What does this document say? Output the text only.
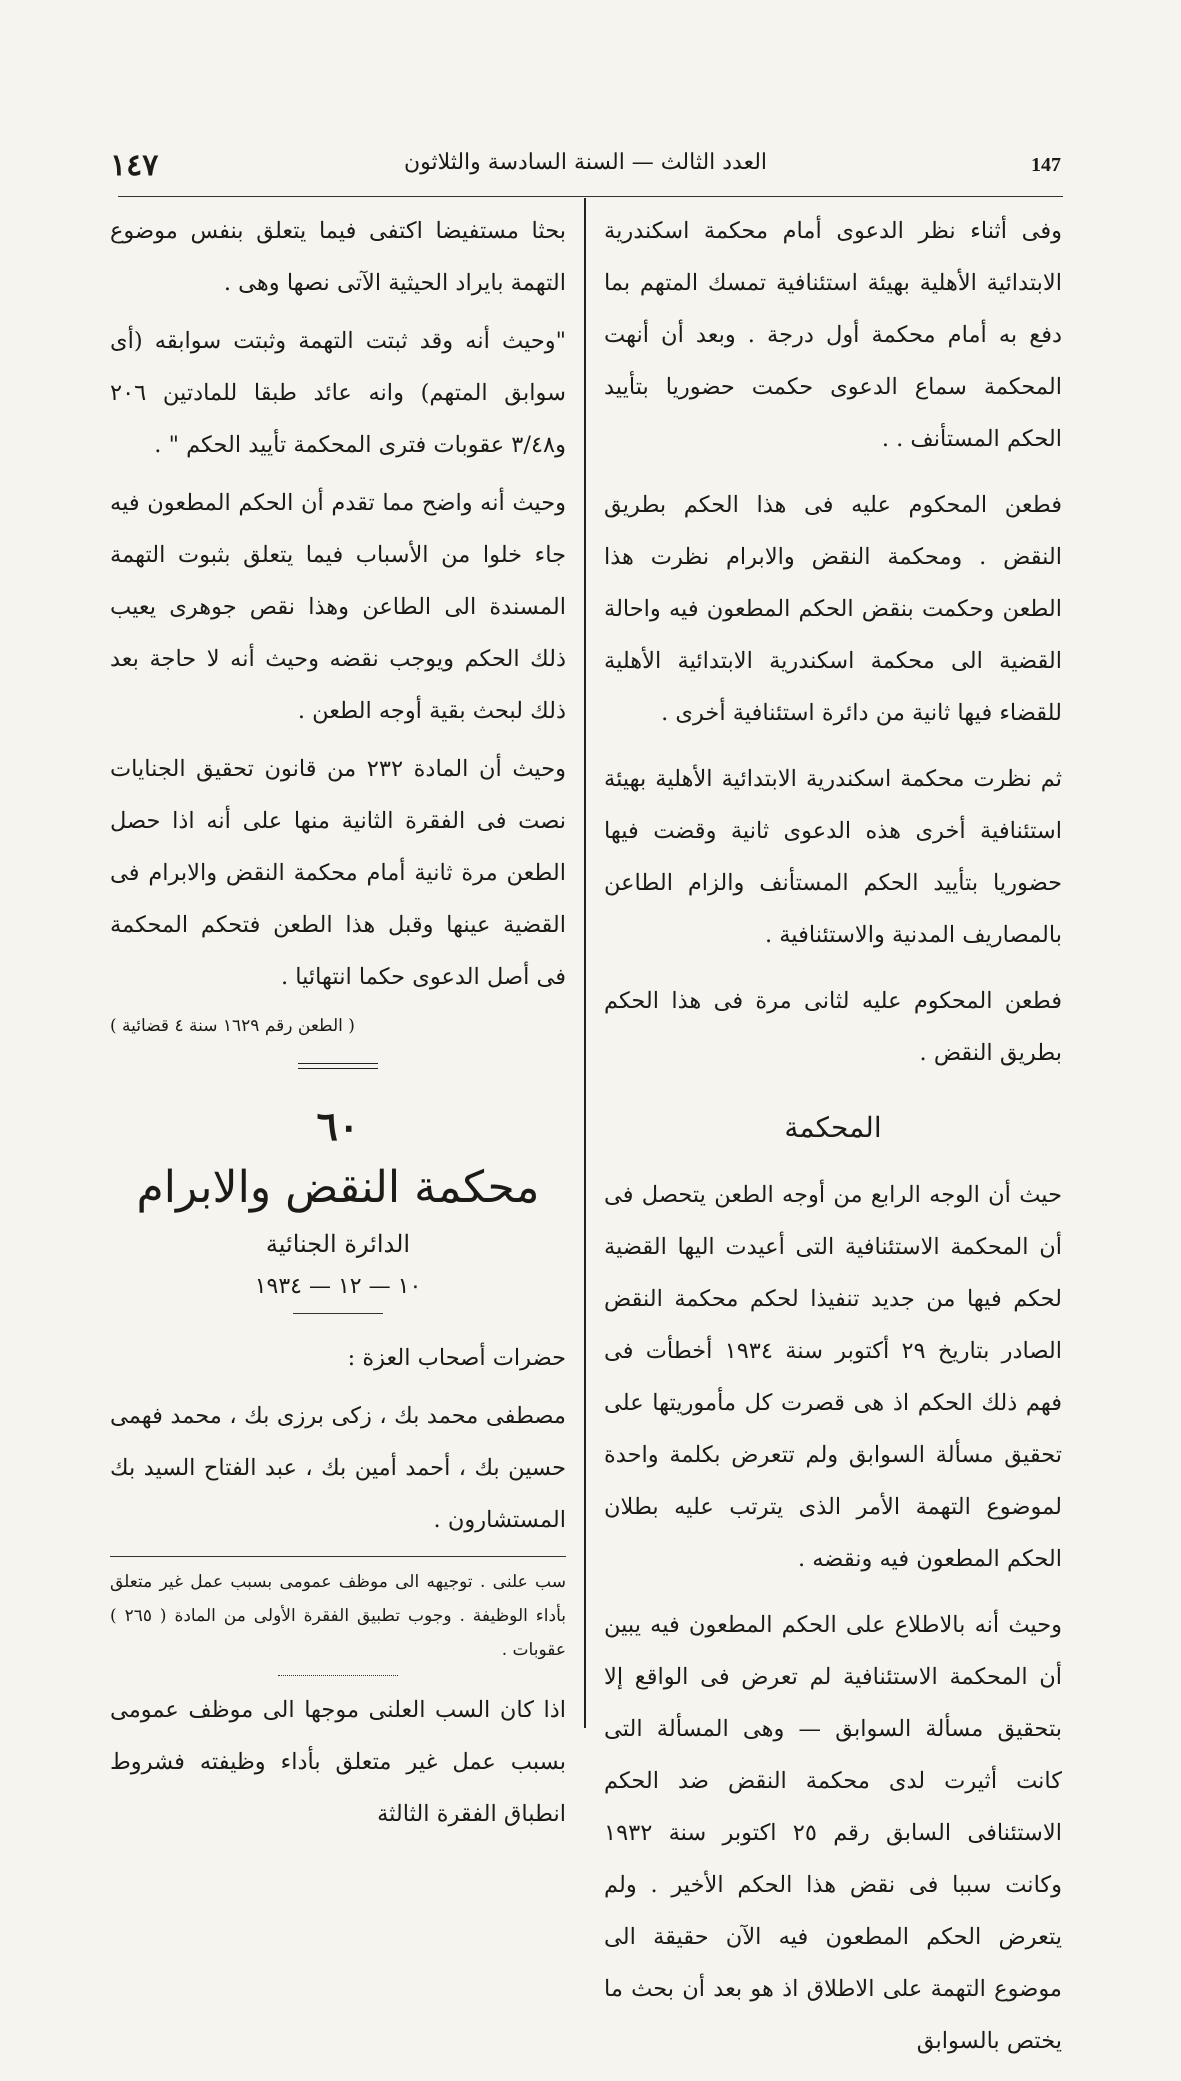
147
العدد الثالث — السنة السادسة والثلاثون
١٤٧

وفى أثناء نظر الدعوى أمام محكمة اسكندرية الابتدائية الأهلية بهيئة استئنافية تمسك المتهم بما دفع به أمام محكمة أول درجة . وبعد أن أنهت المحكمة سماع الدعوى حكمت حضوريا بتأييد الحكم المستأنف . .

فطعن المحكوم عليه فى هذا الحكم بطريق النقض . ومحكمة النقض والابرام نظرت هذا الطعن وحكمت بنقض الحكم المطعون فيه واحالة القضية الى محكمة اسكندرية الابتدائية الأهلية للقضاء فيها ثانية من دائرة استئنافية أخرى .

ثم نظرت محكمة اسكندرية الابتدائية الأهلية بهيئة استئنافية أخرى هذه الدعوى ثانية وقضت فيها حضوريا بتأييد الحكم المستأنف والزام الطاعن بالمصاريف المدنية والاستئنافية .

فطعن المحكوم عليه لثانى مرة فى هذا الحكم بطريق النقض .

المحكمة

حيث أن الوجه الرابع من أوجه الطعن يتحصل فى أن المحكمة الاستئنافية التى أعيدت اليها القضية لحكم فيها من جديد تنفيذا لحكم محكمة النقض الصادر بتاريخ ٢٩ أكتوبر سنة ١٩٣٤ أخطأت فى فهم ذلك الحكم اذ هى قصرت كل مأموريتها على تحقيق مسألة السوابق ولم تتعرض بكلمة واحدة لموضوع التهمة الأمر الذى يترتب عليه بطلان الحكم المطعون فيه ونقضه .

وحيث أنه بالاطلاع على الحكم المطعون فيه يبين أن المحكمة الاستئنافية لم تعرض فى الواقع إلا بتحقيق مسألة السوابق — وهى المسألة التى كانت أثيرت لدى محكمة النقض ضد الحكم الاستئنافى السابق رقم ٢٥ اكتوبر سنة ١٩٣٢ وكانت سببا فى نقض هذا الحكم الأخير . ولم يتعرض الحكم المطعون فيه الآن حقيقة الى موضوع التهمة على الاطلاق اذ هو بعد أن بحث ما يختص بالسوابق

بحثا مستفيضا اكتفى فيما يتعلق بنفس موضوع التهمة بايراد الحيثية الآتى نصها وهى .

"وحيث أنه وقد ثبتت التهمة وثبتت سوابقه (أى سوابق المتهم) وانه عائد طبقا للمادتين ٢٠٦ و٣/٤٨ عقوبات فترى المحكمة تأييد الحكم " .

وحيث أنه واضح مما تقدم أن الحكم المطعون فيه جاء خلوا من الأسباب فيما يتعلق بثبوت التهمة المسندة الى الطاعن وهذا نقص جوهرى يعيب ذلك الحكم ويوجب نقضه وحيث أنه لا حاجة بعد ذلك لبحث بقية أوجه الطعن .

وحيث أن المادة ٢٣٢ من قانون تحقيق الجنايات نصت فى الفقرة الثانية منها على أنه اذا حصل الطعن مرة ثانية أمام محكمة النقض والابرام فى القضية عينها وقبل هذا الطعن فتحكم المحكمة فى أصل الدعوى حكما انتهائيا .

( الطعن رقم ١٦٢٩ سنة ٤ قضائية )
٦٠
محكمة النقض والابرام
الدائرة الجنائية
١٠ — ١٢ — ١٩٣٤

حضرات أصحاب العزة :

مصطفى محمد بك ، زكى برزى بك ، محمد فهمى حسين بك ، أحمد أمين بك ، عبد الفتاح السيد بك المستشارون .

سب علنى . توجيهه الى موظف عمومى بسبب عمل غير متعلق بأداء الوظيفة . وجوب تطبيق الفقرة الأولى من المادة ( ٢٦٥ ) عقوبات .

اذا كان السب العلنى موجها الى موظف عمومى بسبب عمل غير متعلق بأداء وظيفته فشروط انطباق الفقرة الثالثة
